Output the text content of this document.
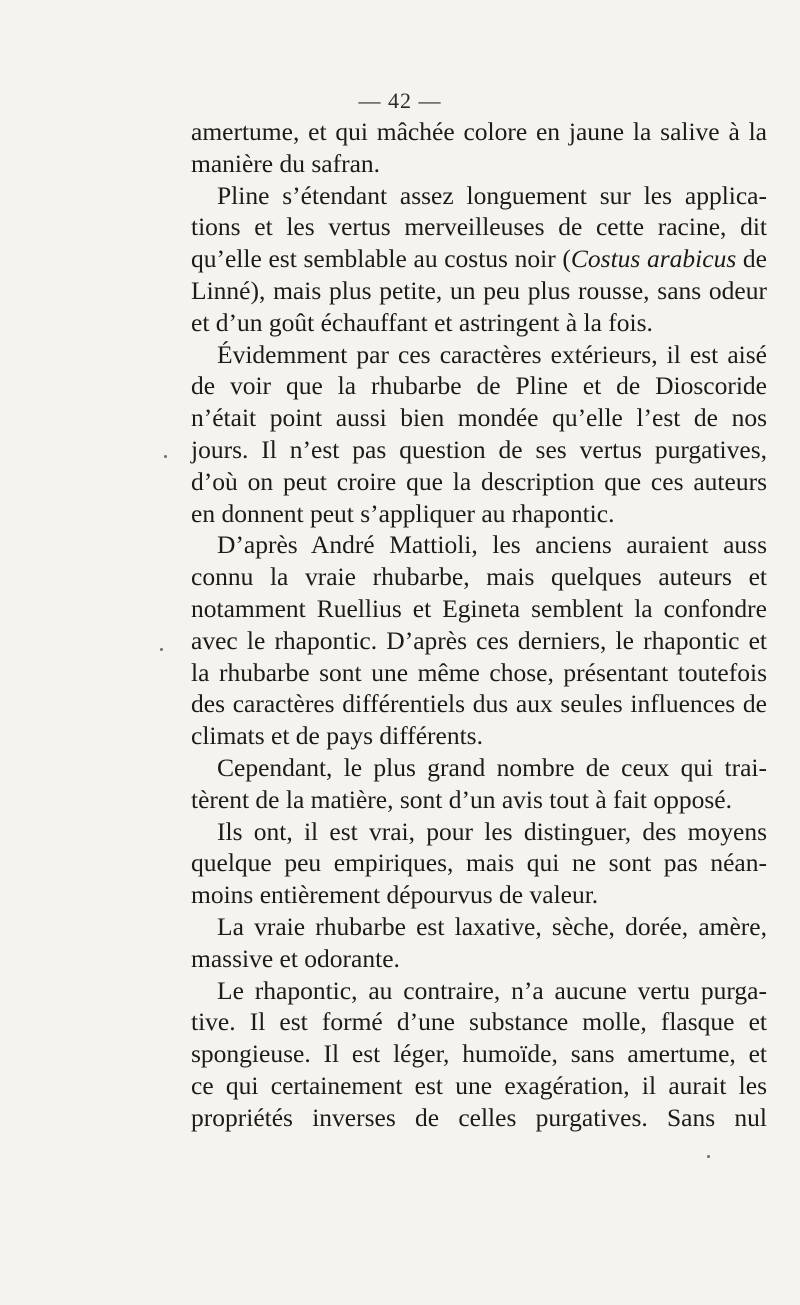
— 42 —
amertume, et qui mâchée colore en jaune la salive à la
manière du safran.
Pline s’étendant assez longuement sur les applica-
tions et les vertus merveilleuses de cette racine, dit
qu’elle est semblable au costus noir (Costus arabicus de
Linné), mais plus petite, un peu plus rousse, sans odeur
et d’un goût échauffant et astringent à la fois.
Évidemment par ces caractères extérieurs, il est aisé
de voir que la rhubarbe de Pline et de Dioscoride
n’était point aussi bien mondée qu’elle l’est de nos
jours. Il n’est pas question de ses vertus purgatives,
d’où on peut croire que la description que ces auteurs
en donnent peut s’appliquer au rhapontic.
D’après André Mattioli, les anciens auraient auss
connu la vraie rhubarbe, mais quelques auteurs et
notamment Ruellius et Egineta semblent la confondre
avec le rhapontic. D’après ces derniers, le rhapontic et
la rhubarbe sont une même chose, présentant toutefois
des caractères différentiels dus aux seules influences de
climats et de pays différents.
Cependant, le plus grand nombre de ceux qui trai-
tèrent de la matière, sont d’un avis tout à fait opposé.
Ils ont, il est vrai, pour les distinguer, des moyens
quelque peu empiriques, mais qui ne sont pas néan-
moins entièrement dépourvus de valeur.
La vraie rhubarbe est laxative, sèche, dorée, amère,
massive et odorante.
Le rhapontic, au contraire, n’a aucune vertu purga-
tive. Il est formé d’une substance molle, flasque et
spongieuse. Il est léger, humoïde, sans amertume, et
ce qui certainement est une exagération, il aurait les
propriétés inverses de celles purgatives. Sans nul
